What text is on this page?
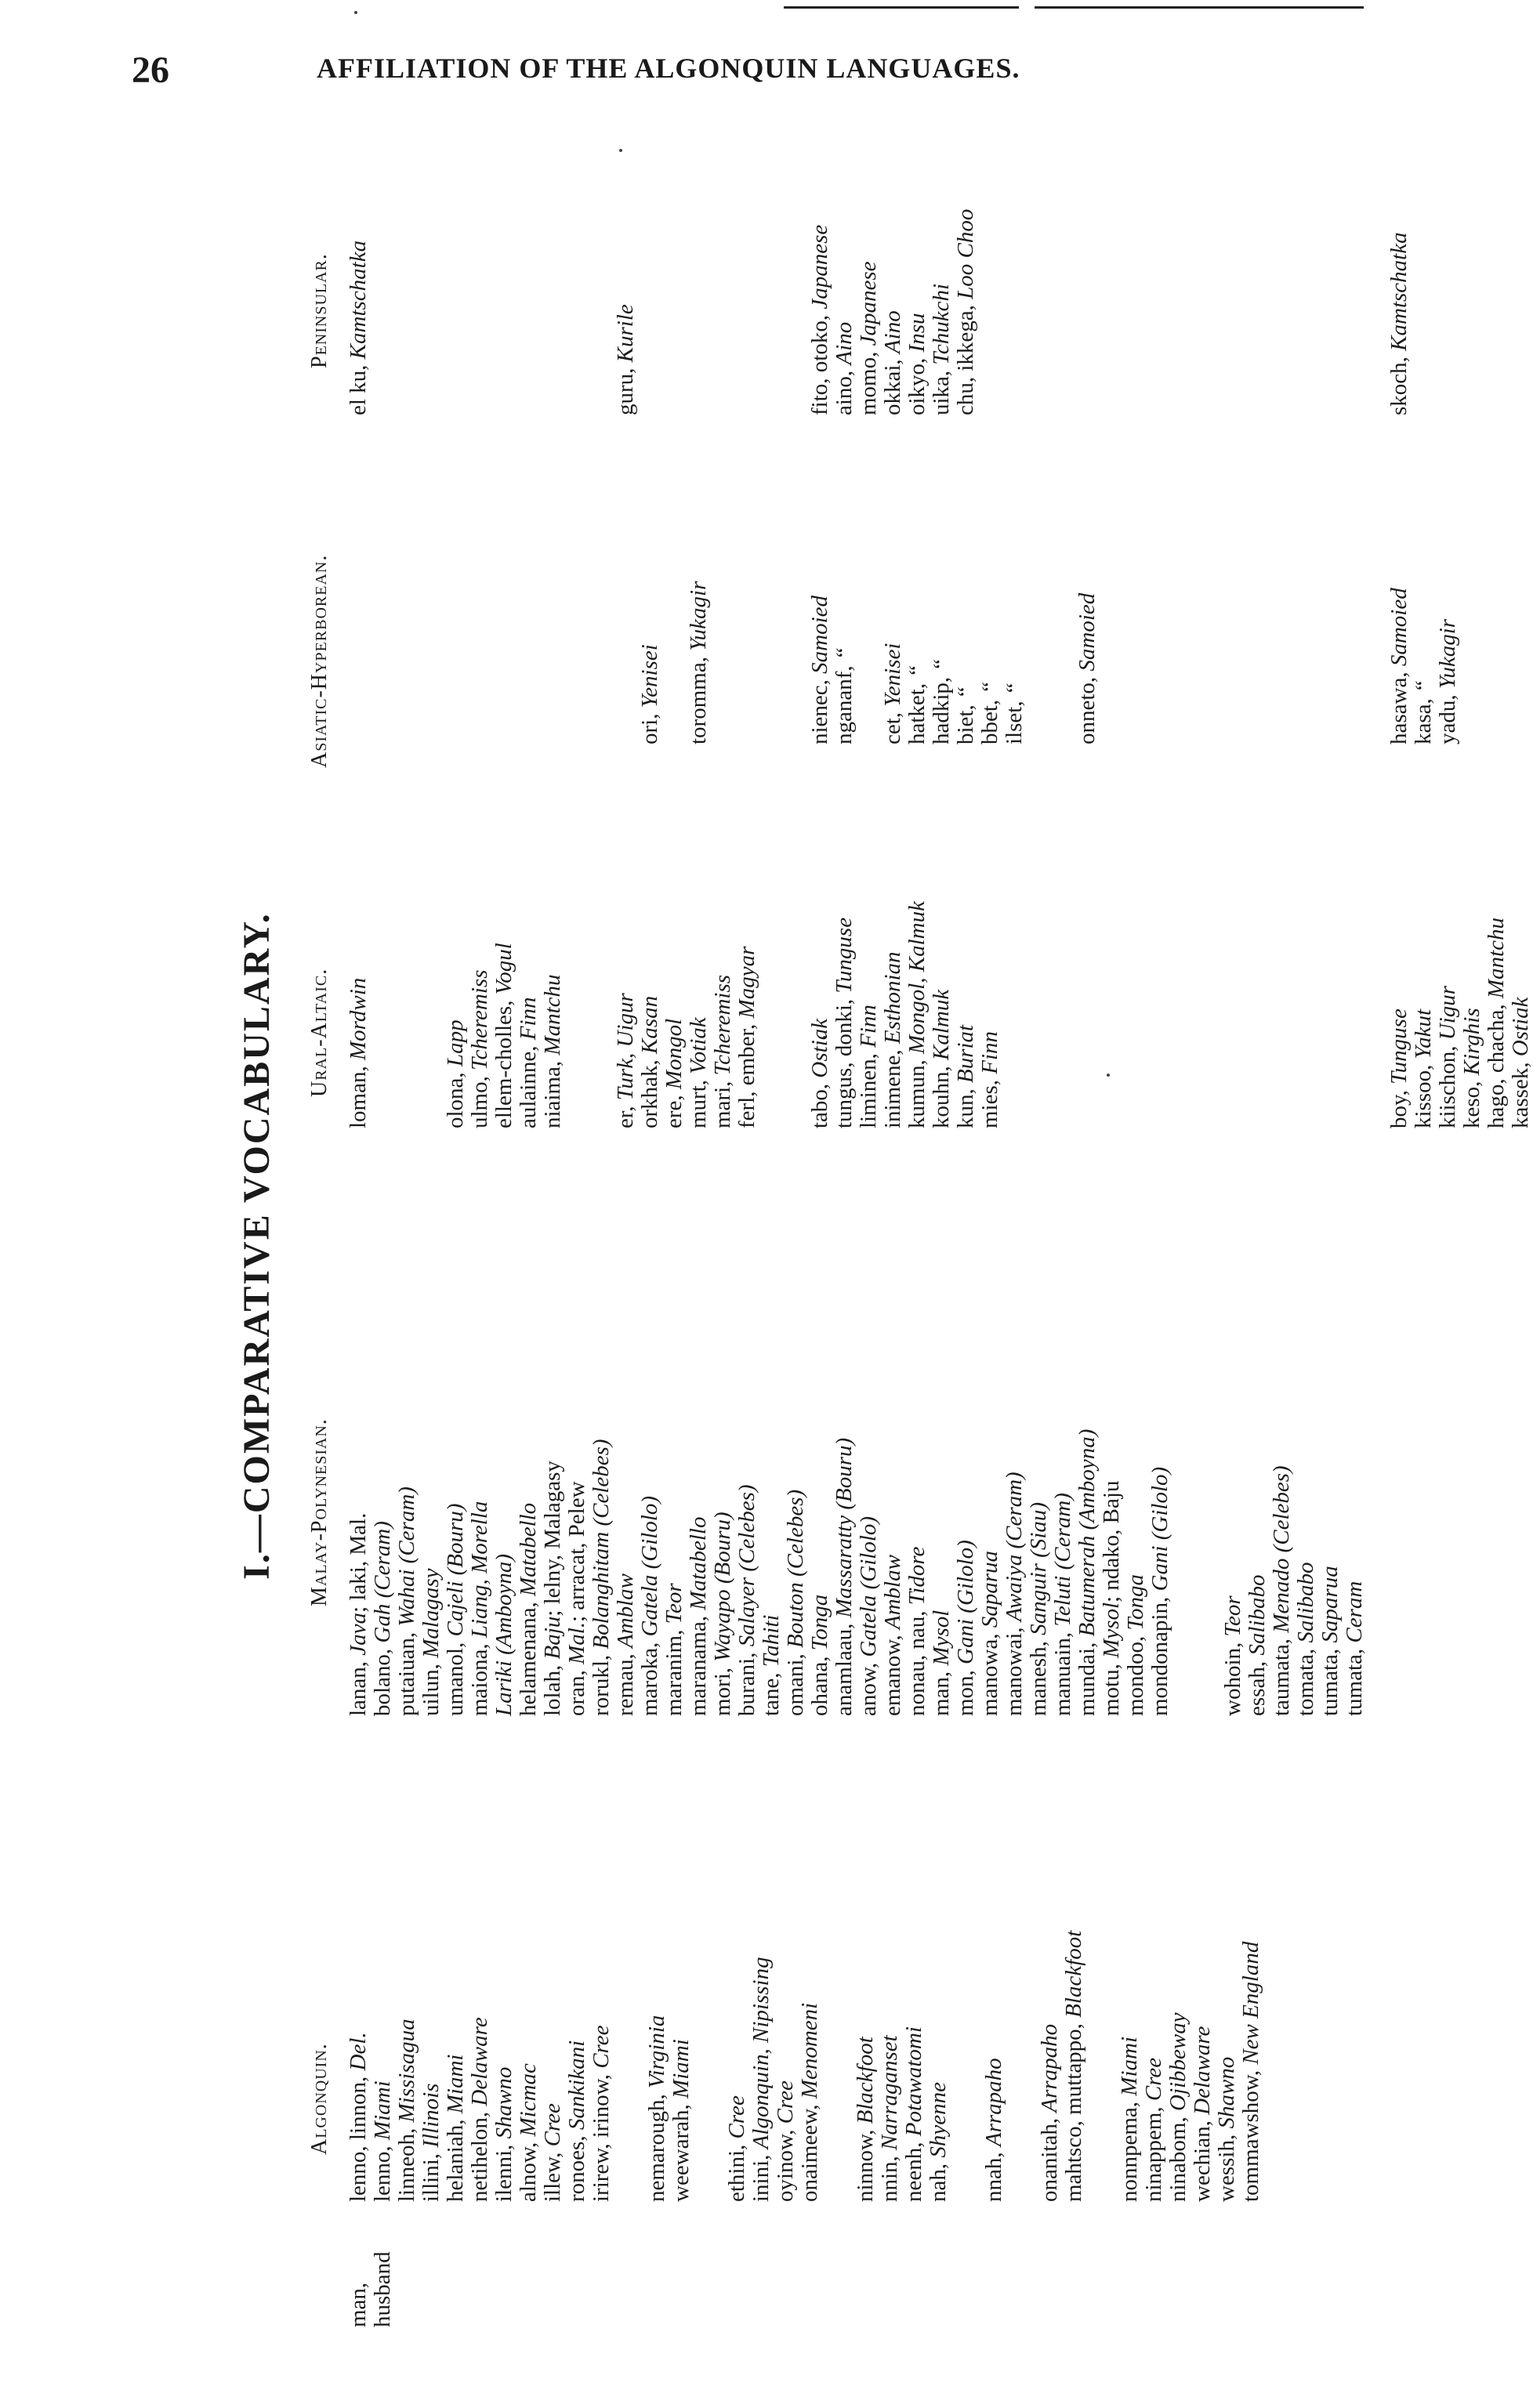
26	AFFILIATION OF THE ALGONQUIN LANGUAGES.
I.—COMPARATIVE VOCABULARY.
Algonquin.
Malay-Polynesian.
Ural-Altaic.
Asiatic-Hyperborean.
Peninsular.
man, husband
lenno, linnon, Del.
lenno, Miami
linneoh, Missisagua
illini, Illinois helaniah, Miami
netihelon, Delaware
ilenni, Shawno
alnow, Micmac
illew, Cree
ronoes, Sankikani irirew, irinow, Cree
nemarough, Virginia
weewarah, Miami
ethini, Cree
inini, Algonquin, Nipissing
oyinow, Cree onaimeew, Menomeni
ninnow, Blackfoot
nnin, Narraganset
neenh, Potawatomi
nah, Shyenne
nnah, Arrapaho
onanitah, Arrapaho mahtsco, muttappo, Blackfoot
nonnpema, Miami
ninappem, Cree
ninabom, Ojibbeway
wechian, Delaware
wessih, Shawno tommawshow, New England
lanan, Java; laki, Mal.
bolano, Gah (Ceram)
putaiuan, Wahai (Ceram)
uilun, Malagasy
umanol, Cajeli (Bouru)
maiona, Liang, Morella Lariki (Amboyna) helamenana, Matabello
lolah, Baju; lelny, Malagasy
oran, Mal.; arracat, Pelew
rorukl, Bolanghitam (Celebes)
remau, Amblaw
maroka, Gatela (Gilolo)
maranim, Teor
maranama, Matabello
mori, Wayapo (Bouru)
burani, Salayer (Celebes)
tane, Tahiti
omani, Bouton (Celebes)
ohana, Tonga anamlaau, Massaratty (Bouru)
anow, Gatela (Gilolo)
emanow, Amblaw
nonau, nau, Tidore
man, Mysol
mon, Gani (Gilolo)
manowa, Saparua
manowai, Awaiya (Ceram)
manesh, Sanguir (Siau)
manuain, Teluti (Ceram)
mundai, Batumerah (Amboyna)
motu, Mysol; ndako, Baju
mondoo, Tonga mondonapin, Gani (Gilolo)
wohoin, Teor
essah, Salibabo
taumata, Menado (Celebes)
tomata, Salibabo
tumata, Saparua
tumata, Ceram
loman, Mordwin
olona, Lapp
ulmo, Tcheremiss ellem-cholles, Vogul
aulainne, Finn
niaima, Mantchu
er, Turk, Uigur orkhak, Kasan
ere, Mongol
murt, Votiak
mari, Tcheremiss ferl, ember, Magyar
tabo, Ostiak tungus, donki, Tunguse
liminen, Finn
inimene, Esthonian
kumun, Mongol, Kalmuk
kouhn, Kalmuk
kun, Buriat
mies, Finn
boy, Tunguse
kissoo, Yakut
kiischon, Uigur
keso, Kirghis hago, chacha, Mantchu
kassek, Ostiak
ori, Yenisei toromma, Yukagir
nienec, Samoied
ngananf, “
cet, Yenisei
hatket, “ hadkip, “
biet, “
bbet, “
ilset, “ onneto, Samoied
hasawa, Samoied
kasa, “
yadu, Yukagir
el ku, Kamtschatka
guru, Kurile	fito, otoko, Japanese
aino, Aino
momo, Japanese
okkai, Aino
oikyo, Insu
uika, Tchukchi chu, ikkega, Loo Choo
skoch, Kamtschatka
